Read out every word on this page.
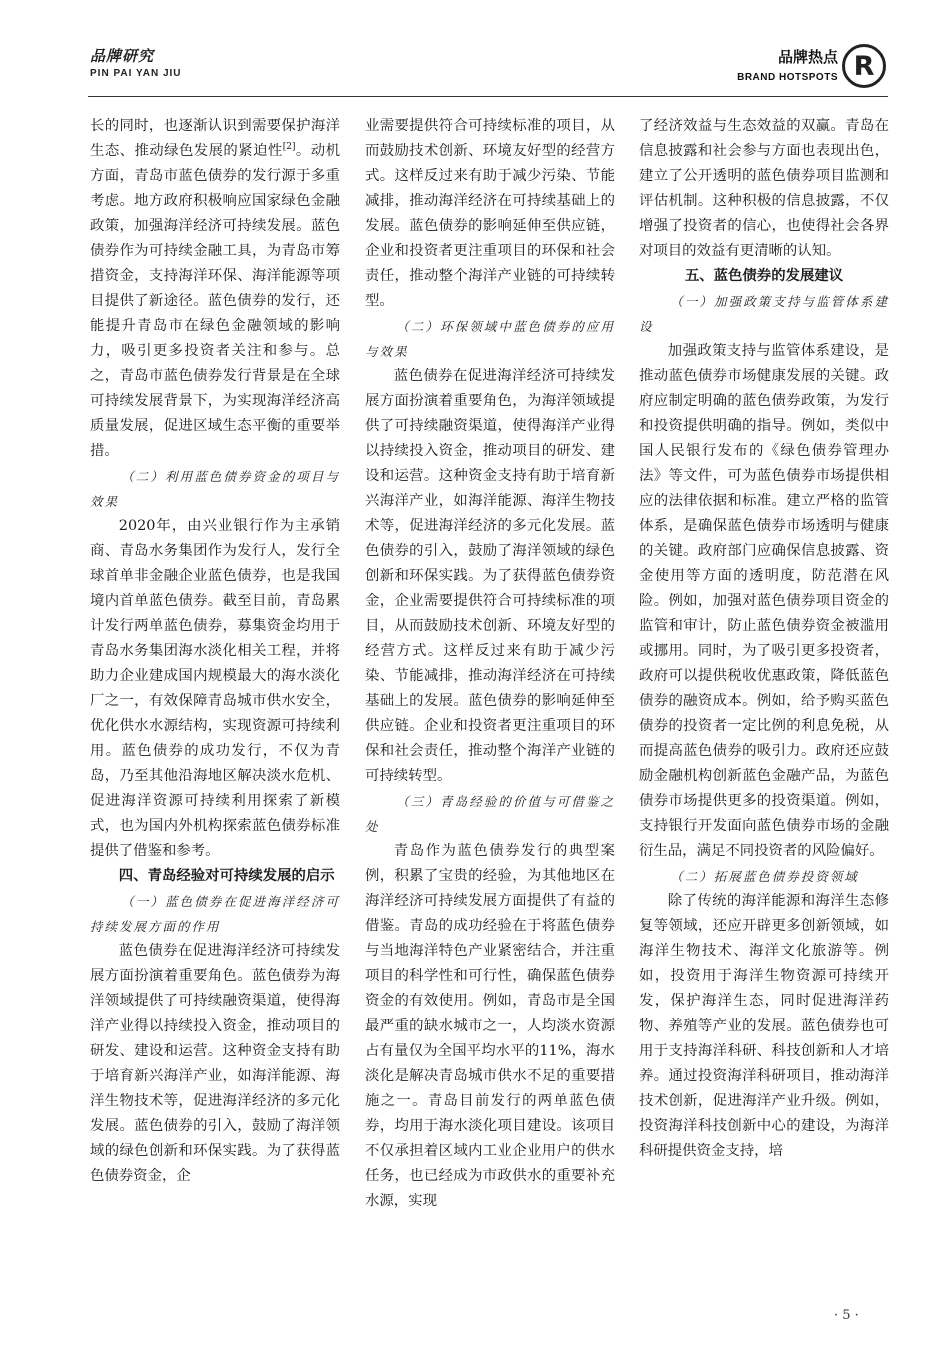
品牌研究
PIN PAI YAN JIU
品牌热点
BRAND HOTSPOTS R

长的同时，也逐渐认识到需要保护海洋生态、推动绿色发展的紧迫性[2]。动机方面，青岛市蓝色债券的发行源于多重考虑。地方政府积极响应国家绿色金融政策，加强海洋经济可持续发展。蓝色债券作为可持续金融工具，为青岛市筹措资金，支持海洋环保、海洋能源等项目提供了新途径。蓝色债券的发行，还能提升青岛市在绿色金融领域的影响力，吸引更多投资者关注和参与。总之，青岛市蓝色债券发行背景是在全球可持续发展背景下，为实现海洋经济高质量发展，促进区域生态平衡的重要举措。

（二）利用蓝色债券资金的项目与效果

2020年，由兴业银行作为主承销商、青岛水务集团作为发行人，发行全球首单非金融企业蓝色债券，也是我国境内首单蓝色债券。截至目前，青岛累计发行两单蓝色债券，募集资金均用于青岛水务集团海水淡化相关工程，并将助力企业建成国内规模最大的海水淡化厂之一，有效保障青岛城市供水安全，优化供水水源结构，实现资源可持续利用。蓝色债券的成功发行，不仅为青岛，乃至其他沿海地区解决淡水危机、促进海洋资源可持续利用探索了新模式，也为国内外机构探索蓝色债券标准提供了借鉴和参考。

四、青岛经验对可持续发展的启示
（一）蓝色债券在促进海洋经济可持续发展方面的作用

蓝色债券在促进海洋经济可持续发展方面扮演着重要角色。蓝色债券为海洋领域提供了可持续融资渠道，使得海洋产业得以持续投入资金，推动项目的研发、建设和运营。这种资金支持有助于培育新兴海洋产业，如海洋能源、海洋生物技术等，促进海洋经济的多元化发展。蓝色债券的引入，鼓励了海洋领域的绿色创新和环保实践。为了获得蓝色债券资金，企

业需要提供符合可持续标准的项目，从而鼓励技术创新、环境友好型的经营方式。这样反过来有助于减少污染、节能减排，推动海洋经济在可持续基础上的发展。蓝色债券的影响延伸至供应链，企业和投资者更注重项目的环保和社会责任，推动整个海洋产业链的可持续转型。

（二）环保领域中蓝色债券的应用与效果

蓝色债券在促进海洋经济可持续发展方面扮演着重要角色，为海洋领域提供了可持续融资渠道，使得海洋产业得以持续投入资金，推动项目的研发、建设和运营。这种资金支持有助于培育新兴海洋产业，如海洋能源、海洋生物技术等，促进海洋经济的多元化发展。蓝色债券的引入，鼓励了海洋领域的绿色创新和环保实践。为了获得蓝色债券资金，企业需要提供符合可持续标准的项目，从而鼓励技术创新、环境友好型的经营方式。这样反过来有助于减少污染、节能减排，推动海洋经济在可持续基础上的发展。蓝色债券的影响延伸至供应链。企业和投资者更注重项目的环保和社会责任，推动整个海洋产业链的可持续转型。

（三）青岛经验的价值与可借鉴之处

青岛作为蓝色债券发行的典型案例，积累了宝贵的经验，为其他地区在海洋经济可持续发展方面提供了有益的借鉴。青岛的成功经验在于将蓝色债券与当地海洋特色产业紧密结合，并注重项目的科学性和可行性，确保蓝色债券资金的有效使用。例如，青岛市是全国最严重的缺水城市之一，人均淡水资源占有量仅为全国平均水平的11%，海水淡化是解决青岛城市供水不足的重要措施之一。青岛目前发行的两单蓝色债券，均用于海水淡化项目建设。该项目不仅承担着区域内工业企业用户的供水任务，也已经成为市政供水的重要补充水源，实现

了经济效益与生态效益的双赢。青岛在信息披露和社会参与方面也表现出色，建立了公开透明的蓝色债券项目监测和评估机制。这种积极的信息披露，不仅增强了投资者的信心，也使得社会各界对项目的效益有更清晰的认知。

五、蓝色债券的发展建议
（一）加强政策支持与监管体系建设

加强政策支持与监管体系建设，是推动蓝色债券市场健康发展的关键。政府应制定明确的蓝色债券政策，为发行和投资提供明确的指导。例如，类似中国人民银行发布的《绿色债券管理办法》等文件，可为蓝色债券市场提供相应的法律依据和标准。建立严格的监管体系，是确保蓝色债券市场透明与健康的关键。政府部门应确保信息披露、资金使用等方面的透明度，防范潜在风险。例如，加强对蓝色债券项目资金的监管和审计，防止蓝色债券资金被滥用或挪用。同时，为了吸引更多投资者，政府可以提供税收优惠政策，降低蓝色债券的融资成本。例如，给予购买蓝色债券的投资者一定比例的利息免税，从而提高蓝色债券的吸引力。政府还应鼓励金融机构创新蓝色金融产品，为蓝色债券市场提供更多的投资渠道。例如，支持银行开发面向蓝色债券市场的金融衍生品，满足不同投资者的风险偏好。

（二）拓展蓝色债券投资领域

除了传统的海洋能源和海洋生态修复等领域，还应开辟更多创新领域，如海洋生物技术、海洋文化旅游等。例如，投资用于海洋生物资源可持续开发，保护海洋生态，同时促进海洋药物、养殖等产业的发展。蓝色债券也可用于支持海洋科研、科技创新和人才培养。通过投资海洋科研项目，推动海洋技术创新，促进海洋产业升级。例如，投资海洋科技创新中心的建设，为海洋科研提供资金支持，培

· 5 ·
